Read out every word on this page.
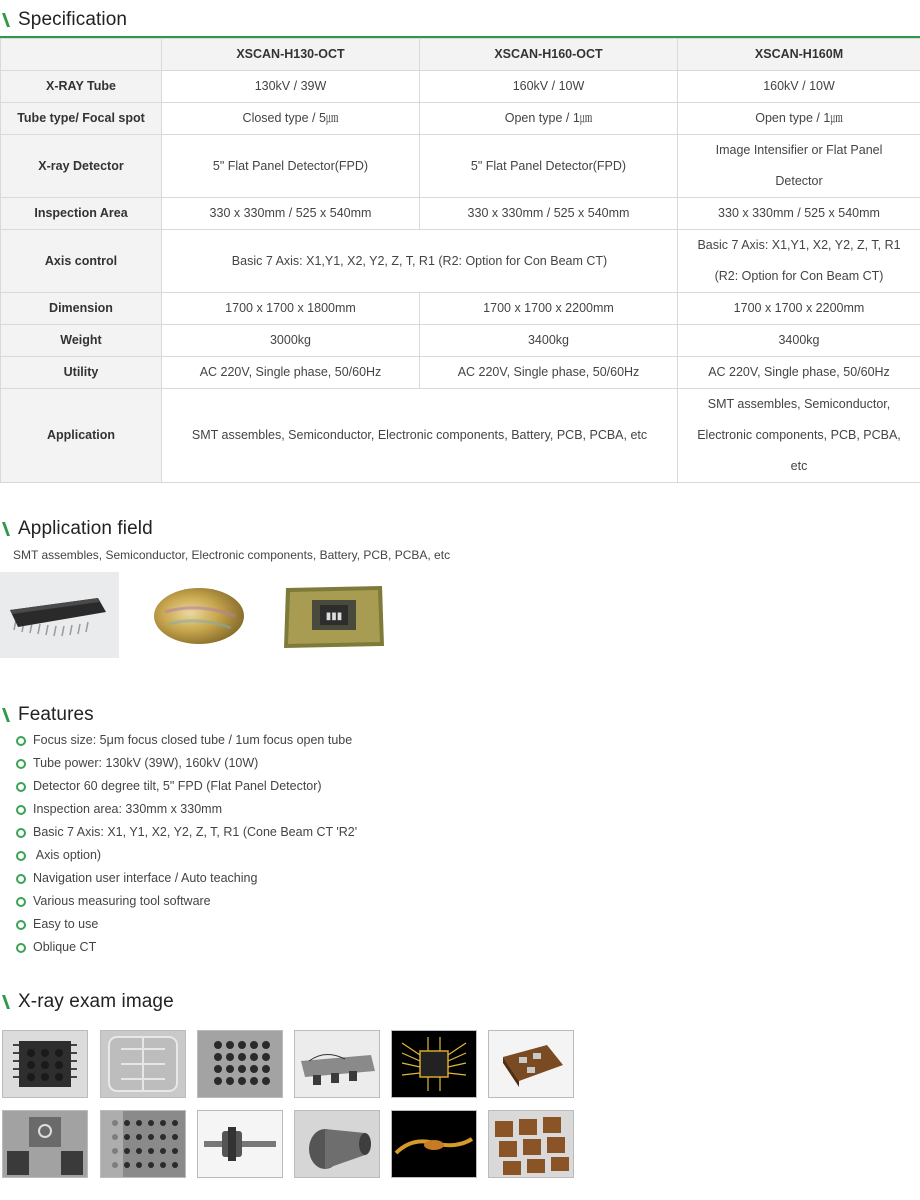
Specification
	XSCAN-H130-OCT	XSCAN-H160-OCT	XSCAN-H160M
X-RAY Tube	130kV / 39W	160kV / 10W	160kV / 10W
Tube type/ Focal spot	Closed type / 5㎛	Open type / 1㎛	Open type / 1㎛
X-ray Detector	5" Flat Panel Detector(FPD)	5" Flat Panel Detector(FPD)	Image Intensifier or Flat Panel
Detector

Inspection Area	330 x 330mm / 525 x 540mm	330 x 330mm / 525 x 540mm	330 x 330mm / 525 x 540mm
Axis control	Basic 7 Axis: X1,Y1, X2, Y2, Z, T, R1 (R2: Option for Con Beam CT)		Basic 7 Axis: X1,Y1, X2, Y2, Z, T, R1
(R2: Option for Con Beam CT)

Dimension	1700 x 1700 x 1800mm	1700 x 1700 x 2200mm	1700 x 1700 x 2200mm
Weight	3000kg	3400kg	3400kg
Utility	AC 220V, Single phase, 50/60Hz	AC 220V, Single phase, 50/60Hz	AC 220V, Single phase, 50/60Hz
Application	SMT assembles, Semiconductor, Electronic components, Battery, PCB, PCBA, etc		SMT assembles, Semiconductor,
Electronic components, PCB, PCBA,
etc
Application field
SMT assembles, Semiconductor, Electronic components, Battery, PCB, PCBA, etc
▮▮▮
Features
Focus size: 5μm focus closed tube / 1um focus open tube
Tube power: 130kV (39W), 160kV (10W)
Detector 60 degree tilt, 5" FPD (Flat Panel Detector)
Inspection area: 330mm x 330mm
Basic 7 Axis: X1, Y1, X2, Y2, Z, T, R1 (Cone Beam CT 'R2'
Axis option)
Navigation user interface / Auto teaching
Various measuring tool software
Easy to use
Oblique CT
X-ray exam image
